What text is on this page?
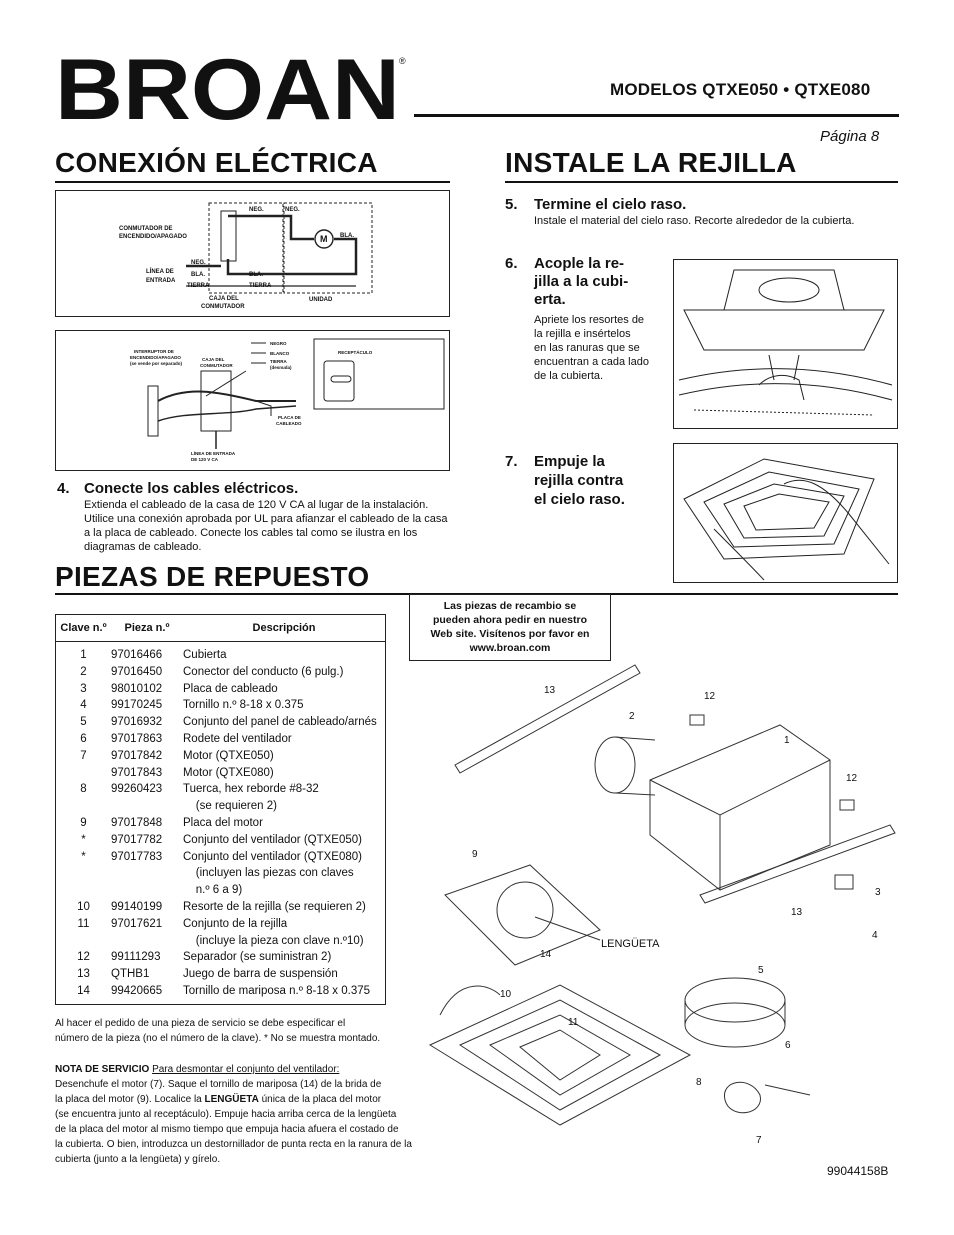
BROAN ®
MODELOS QTXE050 • QTXE080
Página 8
CONEXIÓN ELÉCTRICA	INSTALE LA REJILLA
CONMUTADOR DE
ENCENDIDO/APAGADO
NEG.	NEG.
NEG.
BLA.
BLA.	BLA.
M
LÍNEA DE
ENTRADA
TIERRA	TIERRA
CAJA DEL
CONMUTADOR
UNIDAD
INTERRUPTOR DE
ENCENDIDO/APAGADO
(se vende por separado)
CAJA DEL
CONMUTADOR
NEGRO
BLANCO
TIERRA
(desnuda)
RECEPTÁCULO
PLACA DE
CABLEADO
LÍNEA DE ENTRADA
DE 120 V CA
4. Conecte los cables eléctricos.
Extienda el cableado de la casa de 120 V CA al lugar de la instalación. Utilice una conexión aprobada por UL para afianzar el cableado de la casa a la placa de cableado. Conecte los cables tal como se ilustra en los diagramas de cableado.
5. Termine el cielo raso.
Instale el material del cielo raso. Recorte alrededor de la cubierta.
6. Acople la re-
jilla a la cubi-
erta.
Apriete los resortes de
la rejilla e insértelos
en las ranuras que se
encuentran a cada lado
de la cubierta.
7. Empuje la
rejilla contra
el cielo raso.
PIEZAS DE REPUESTO
Clave n.º	Pieza n.º	Descripción
1	97016466	Cubierta
2	97016450	Conector del conducto (6 pulg.)
3	98010102	Placa de cableado
4	99170245	Tornillo n.º 8-18 x 0.375
5	97016932	Conjunto del panel de cableado/arnés
6	97017863	Rodete del ventilador
7	97017842	Motor (QTXE050)
97017843	Motor (QTXE080)
8	99260423	Tuerca, hex reborde #8-32
(se requieren 2)
9	97017848	Placa del motor
*	97017782	Conjunto del ventilador (QTXE050)
*	97017783	Conjunto del ventilador (QTXE080)
(incluyen las piezas con claves
n.º 6 a 9)
10	99140199	Resorte de la rejilla (se requieren 2)
11	97017621	Conjunto de la rejilla
(incluye la pieza con clave n.º10)
12	99111293	Separador (se suministran 2)
13	QTHB1	Juego de barra de suspensión
14	99420665	Tornillo de mariposa n.º 8-18 x 0.375
Las piezas de recambio se
pueden ahora pedir en nuestro
Web site. Visítenos por favor en
www.broan.com
Al hacer el pedido de una pieza de servicio se debe especificar el
número de la pieza (no el número de la clave). * No se muestra montado.
NOTA DE SERVICIO Para desmontar el conjunto del ventilador:
Desenchufe el motor (7). Saque el tornillo de mariposa (14) de la brida de
la placa del motor (9). Localice la LENGÜETA única de la placa del motor
(se encuentra junto al receptáculo). Empuje hacia arriba cerca de la lengüeta
de la placa del motor al mismo tiempo que empuja hacia afuera el costado de
la cubierta. O bien, introduzca un destornillador de punta recta en la ranura de la
cubierta (junto a la lengüeta) y gírelo.
13
2
12
1
12
9
3
13
4
14
LENGÜETA
5
10
11
6
8
7
99044158B
